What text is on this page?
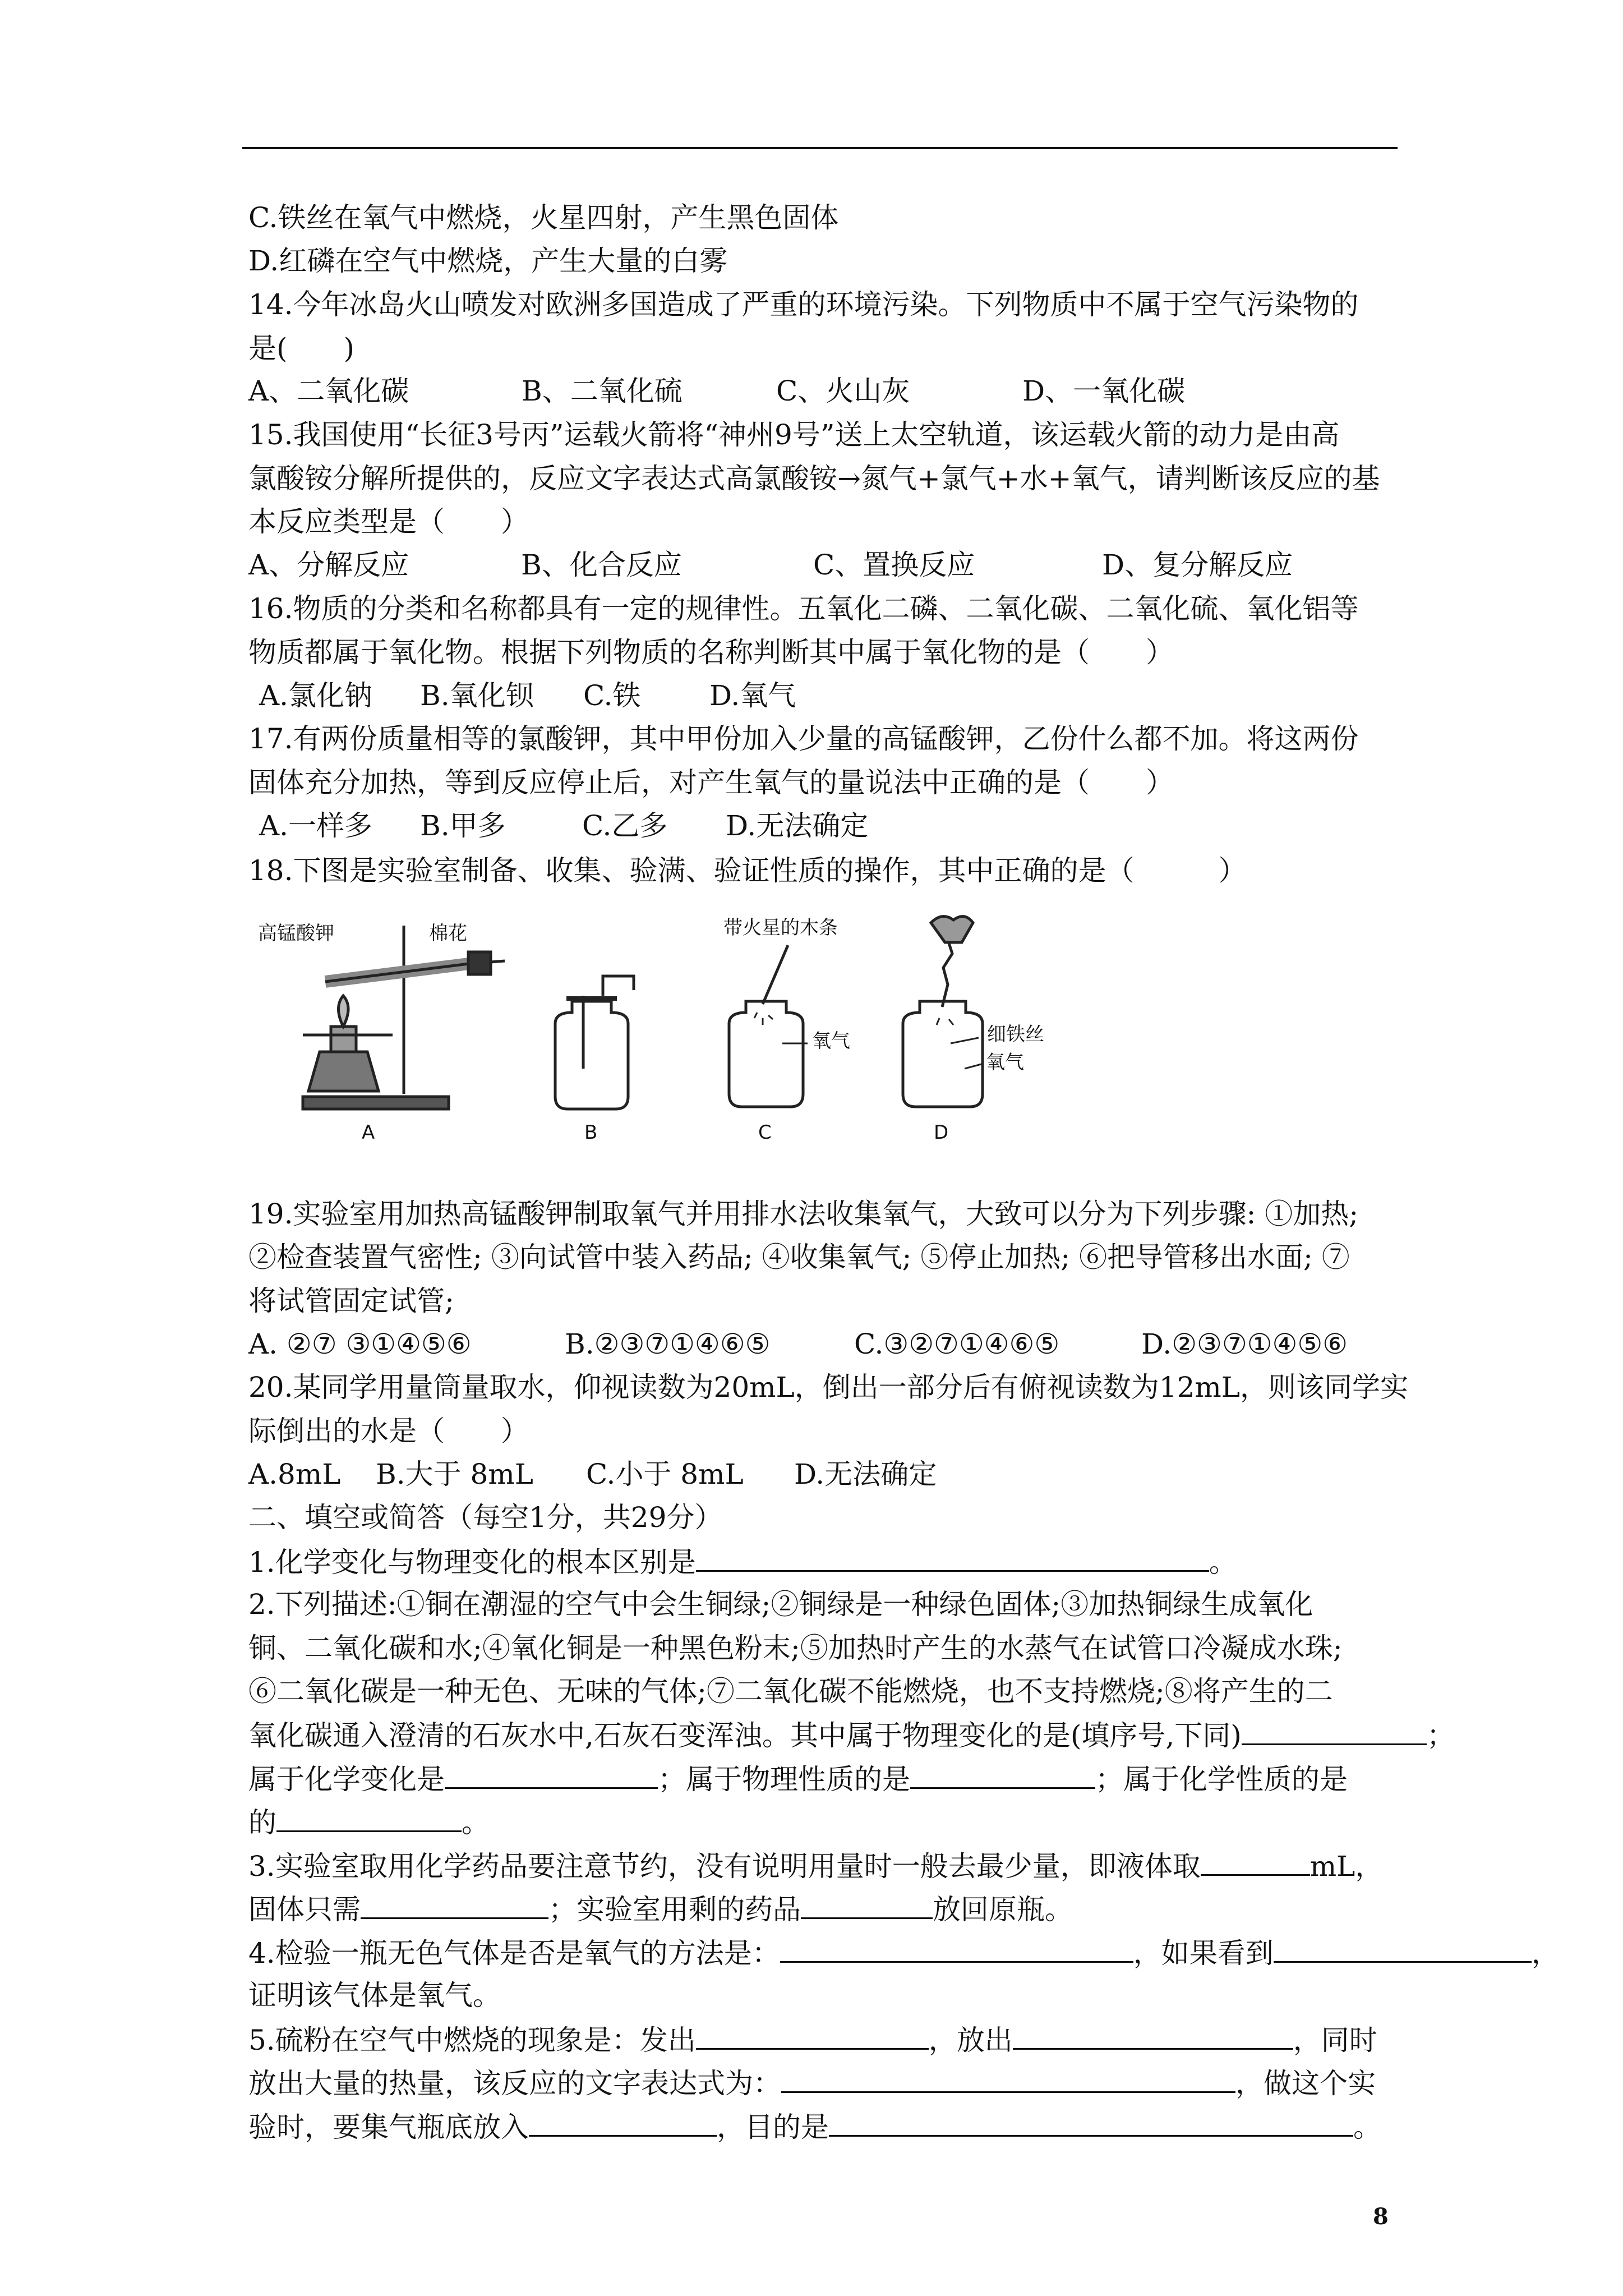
C.铁丝在氧气中燃烧，火星四射，产生黑色固体
D.红磷在空气中燃烧，产生大量的白雾
14.今年冰岛火山喷发对欧洲多国造成了严重的环境污染。下列物质中不属于空气污染物的
是(　　)
A、二氧化碳	B、二氧化硫	C、火山灰	D、一氧化碳
15.我国使用“长征3号丙”运载火箭将“神州9号”送上太空轨道，该运载火箭的动力是由高
氯酸铵分解所提供的，反应文字表达式高氯酸铵→氮气+氯气+水+氧气，请判断该反应的基
本反应类型是（　　）
A、分解反应	B、化合反应	C、置换反应	D、复分解反应
16.物质的分类和名称都具有一定的规律性。五氧化二磷、二氧化碳、二氧化硫、氧化铝等
物质都属于氧化物。根据下列物质的名称判断其中属于氧化物的是（　　）
A.氯化钠 B.氧化钡 C.铁 D.氧气
17.有两份质量相等的氯酸钾，其中甲份加入少量的高锰酸钾，乙份什么都不加。将这两份
固体充分加热，等到反应停止后，对产生氧气的量说法中正确的是（　　）
A.一样多 B.甲多	C.乙多 D.无法确定
18.下图是实验室制备、收集、验满、验证性质的操作，其中正确的是（　　　）
高锰酸钾	棉花	带火星的木条
氧气	细铁丝
氧气
A	B	C	D
19.实验室用加热高锰酸钾制取氧气并用排水法收集氧气，大致可以分为下列步骤: ①加热;
②检查装置气密性; ③向试管中装入药品; ④收集氧气; ⑤停止加热; ⑥把导管移出水面; ⑦
将试管固定试管;
A. ②⑦ ③①④⑤⑥	B.②③⑦①④⑥⑤	C.③②⑦①④⑥⑤	D.②③⑦①④⑤⑥
20.某同学用量筒量取水，仰视读数为20mL，倒出一部分后有俯视读数为12mL，则该同学实
际倒出的水是（　　）
A.8mL B.大于 8mL C.小于 8mL D.无法确定
二、填空或简答（每空1分，共29分）
1.化学变化与物理变化的根本区别是	。
2.下列描述:①铜在潮湿的空气中会生铜绿;②铜绿是一种绿色固体;③加热铜绿生成氧化
铜、二氧化碳和水;④氧化铜是一种黑色粉末;⑤加热时产生的水蒸气在试管口冷凝成水珠;
⑥二氧化碳是一种无色、无味的气体;⑦二氧化碳不能燃烧，也不支持燃烧;⑧将产生的二
氧化碳通入澄清的石灰水中,石灰石变浑浊。其中属于物理变化的是(填序号,下同)	；
属于化学变化是	；属于物理性质的是	；属于化学性质的是
的	。
3.实验室取用化学药品要注意节约，没有说明用量时一般去最少量，即液体取	mL，
固体只需	；实验室用剩的药品	放回原瓶。
4.检验一瓶无色气体是否是氧气的方法是：	，如果看到	，
证明该气体是氧气。
5.硫粉在空气中燃烧的现象是：发出	，放出	，同时
放出大量的热量，该反应的文字表达式为：	，做这个实
验时，要集气瓶底放入	，目的是	。
8
